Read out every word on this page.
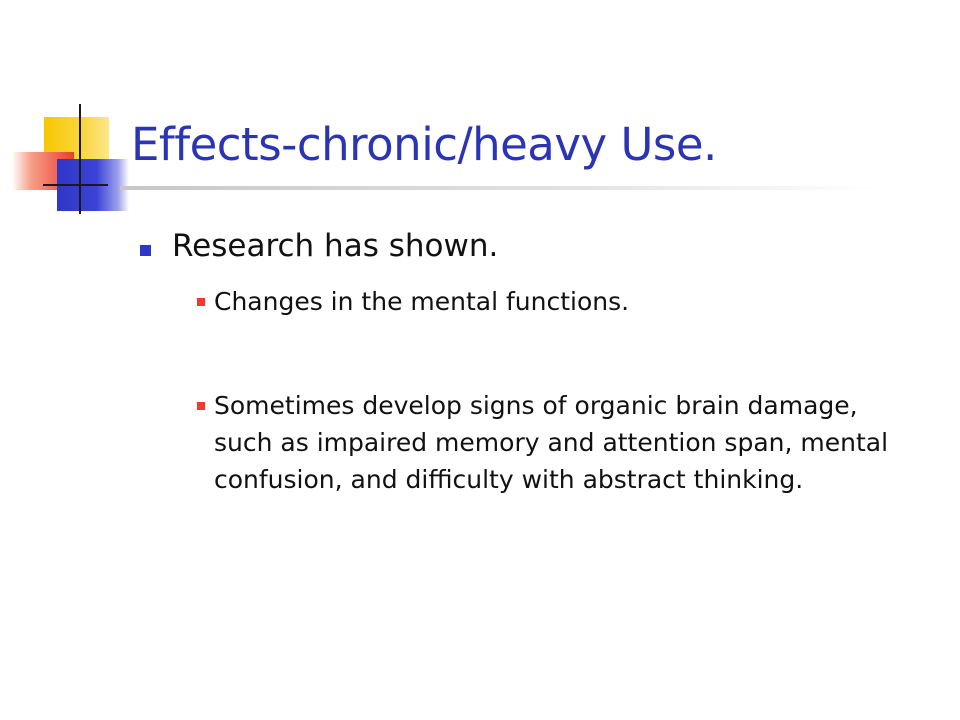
Effects-chronic/heavy Use.
Research has shown.
Changes in the mental functions.
Sometimes develop signs of organic brain damage, such as impaired memory and attention span, mental confusion, and difficulty with abstract thinking.
